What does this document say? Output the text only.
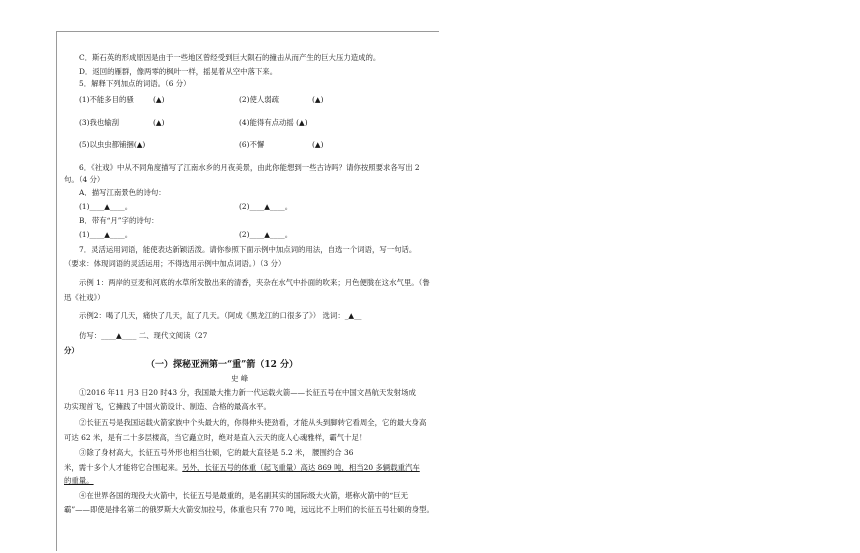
C．斯石英的形成原因是由于一些地区曾经受到巨大陨石的撞击从而产生的巨大压力造成的。
D．返回的雁群，像两零的枫叶一样，摇晃着从空中落下来。
5．解释下列加点的词语。（6 分）
(1)不能多目的骚	(▲)	(2)使人弱疏	(▲)
(3)我也输刮	(▲)	(4)能得有点动摇 (▲)
(5)以虫虫都铺捆(▲)	(6)不懈	(▲)
6．《社戏》中从不同角度描写了江南水乡的月夜美景，由此你能想到一些古诗吗？请你按照要求各写出 2
句。（4 分）
A．描写江南景色的诗句：
(1)____▲____。	(2)____▲____。
B．带有“月”字的诗句：
(1)____▲____。	(2)____▲____。
7．灵活运用词语，能使表达新颖活泼。请你参照下面示例中加点词的用法，自选一个词语，写一句话。
（要求：体现词语的灵活运用；不得选用示例中加点词语。）（3 分）
示例 1：两岸的豆麦和河底的水草所发散出来的清香，夹杂在水气中扑面的吹来；月色便胧在这水气里。（鲁
迅《社戏》）
示例2：喝了几天，痛快了几天，缸了几天。（阿成《黑龙江的口很多了》） 选词：_▲__
仿写：____▲____ 二、现代文阅读（27
分）
（一）探秘亚洲第一“重”箭（12 分）
史 峰
①2016 年11 月3 日20 时43 分，我国最大推力新一代运载火箭——长征五号在中国文昌航天发射场成
功实现首飞，它擁践了中国火箭设计、制造、合格的最高水平。
②长征五号是我国运载火箭家族中个头最大的，你得伸头使劲看，才能从头到脚转它看周全，它的最大身高
可达 62 米，是有二十多层楼高，当它矗立时，绝对是直入云天的庞人心魂雅样，霸气十足！
③除了身材高大，长征五号外形也相当壮硕，它的最大直径是 5.2 米， 腰围约合 36
米，需十多个人才能将它合围起来。另外，长征五号的体重（起飞重量）高达 869 吨，相当20 多辆载重汽车
的重量。
④在世界各国的现役大火箭中，长征五号是最重的，是名副其实的国际级大火箭，堪称火箭中的“巨无
霸”——即使是排名第二的俄罗斯大火箭安加拉号，体重也只有 770 吨，远远比不上明们的长征五号壮硕的身型。
